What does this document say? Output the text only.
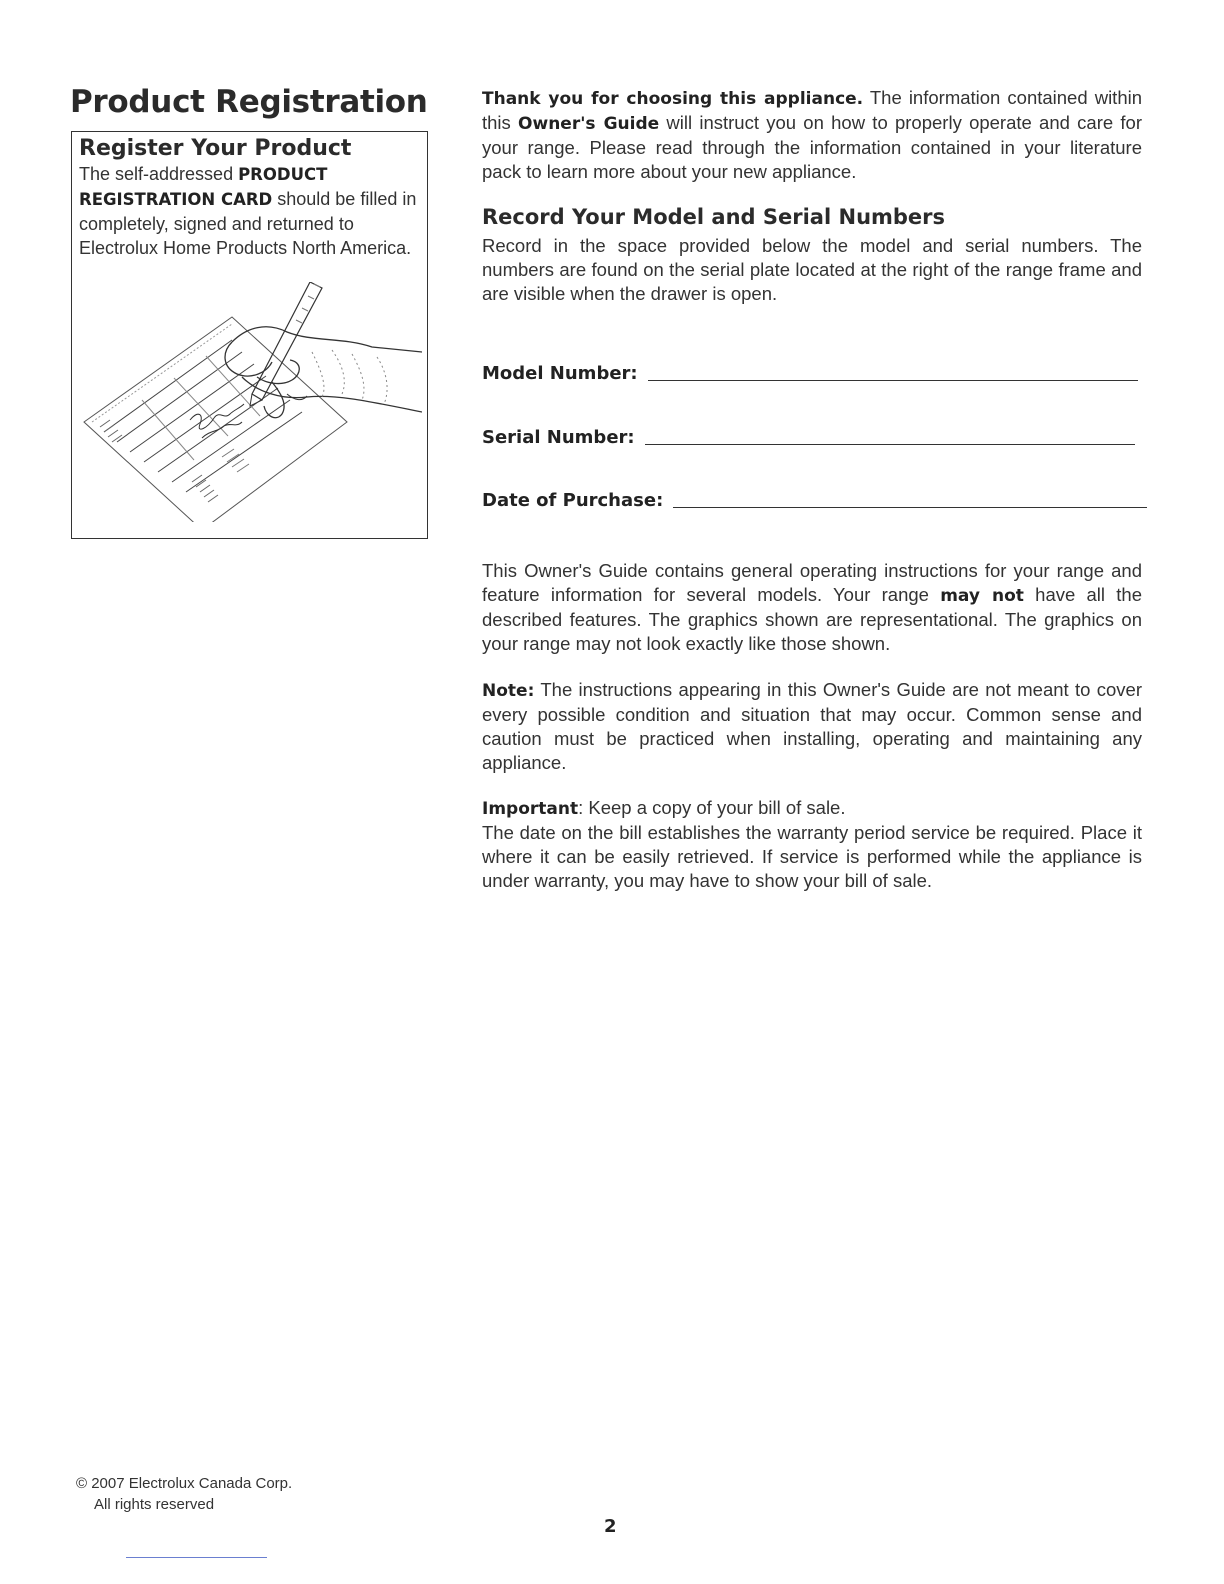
Product Registration
Register Your Product
The self-addressed PRODUCT REGISTRATION CARD should be filled in completely, signed and returned to Electrolux Home Products North America.
Thank you for choosing this appliance. The information contained within this Owner's Guide will instruct you on how to properly operate and care for your range. Please read through the information contained in your literature pack to learn more about your new appliance.
Record Your Model and Serial Numbers
Record in the space provided below the model and serial numbers. The numbers are found on the serial plate located at the right of the range frame and are visible when the drawer is open.
Model Number:
Serial Number:
Date of Purchase:
This Owner's Guide contains general operating instructions for your range and feature information for several models. Your range may not have all the described features. The graphics shown are representational. The graphics on your range may not look exactly like those shown.
Note: The instructions appearing in this Owner's Guide are not meant to cover every possible condition and situation that may occur. Common sense and caution must be practiced when installing, operating and maintaining any appliance.
Important: Keep a copy of your bill of sale.
The date on the bill establishes the warranty period service be required. Place it where it can be easily retrieved. If service is performed while the appliance is under warranty, you may have to show your bill of sale.
© 2007 Electrolux Canada Corp.
All rights reserved
2
